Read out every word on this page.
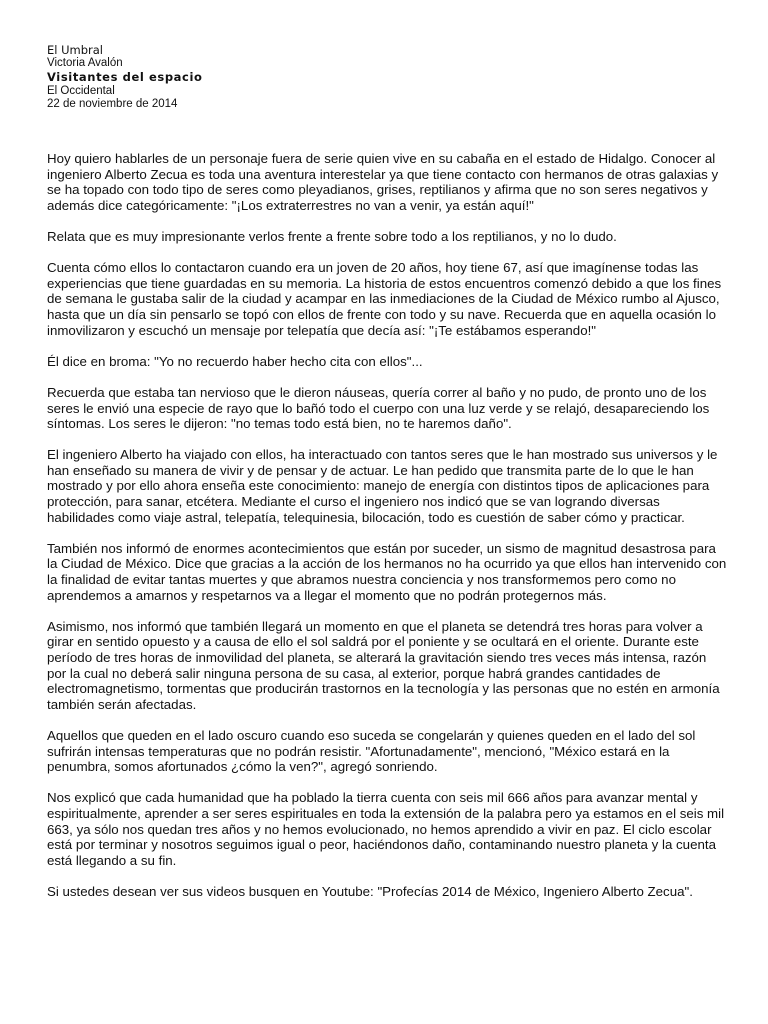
El Umbral
Victoria Avalón
Visitantes del espacio
El Occidental
22 de noviembre de 2014

Hoy quiero hablarles de un personaje fuera de serie quien vive en su cabaña en el estado de Hidalgo. Conocer al ingeniero Alberto Zecua es toda una aventura interestelar ya que tiene contacto con hermanos de otras galaxias y se ha topado con todo tipo de seres como pleyadianos, grises, reptilianos y afirma que no son seres negativos y además dice categóricamente: "¡Los extraterrestres no van a venir, ya están aquí!"

Relata que es muy impresionante verlos frente a frente sobre todo a los reptilianos, y no lo dudo.

Cuenta cómo ellos lo contactaron cuando era un joven de 20 años, hoy tiene 67, así que imagínense todas las experiencias que tiene guardadas en su memoria. La historia de estos encuentros comenzó debido a que los fines de semana le gustaba salir de la ciudad y acampar en las inmediaciones de la Ciudad de México rumbo al Ajusco, hasta que un día sin pensarlo se topó con ellos de frente con todo y su nave. Recuerda que en aquella ocasión lo inmovilizaron y escuchó un mensaje por telepatía que decía así: "¡Te estábamos esperando!"

Él dice en broma: "Yo no recuerdo haber hecho cita con ellos"...

Recuerda que estaba tan nervioso que le dieron náuseas, quería correr al baño y no pudo, de pronto uno de los seres le envió una especie de rayo que lo bañó todo el cuerpo con una luz verde y se relajó, desapareciendo los síntomas. Los seres le dijeron: "no temas todo está bien, no te haremos daño".

El ingeniero Alberto ha viajado con ellos, ha interactuado con tantos seres que le han mostrado sus universos y le han enseñado su manera de vivir y de pensar y de actuar. Le han pedido que transmita parte de lo que le han mostrado y por ello ahora enseña este conocimiento: manejo de energía con distintos tipos de aplicaciones para protección, para sanar, etcétera. Mediante el curso el ingeniero nos indicó que se van logrando diversas habilidades como viaje astral, telepatía, telequinesia, bilocación, todo es cuestión de saber cómo y practicar.

También nos informó de enormes acontecimientos que están por suceder, un sismo de magnitud desastrosa para la Ciudad de México. Dice que gracias a la acción de los hermanos no ha ocurrido ya que ellos han intervenido con la finalidad de evitar tantas muertes y que abramos nuestra conciencia y nos transformemos pero como no aprendemos a amarnos y respetarnos va a llegar el momento que no podrán protegernos más.

Asimismo, nos informó que también llegará un momento en que el planeta se detendrá tres horas para volver a girar en sentido opuesto y a causa de ello el sol saldrá por el poniente y se ocultará en el oriente. Durante este período de tres horas de inmovilidad del planeta, se alterará la gravitación siendo tres veces más intensa, razón por la cual no deberá salir ninguna persona de su casa, al exterior, porque habrá grandes cantidades de electromagnetismo, tormentas que producirán trastornos en la tecnología y las personas que no estén en armonía también serán afectadas.

Aquellos que queden en el lado oscuro cuando eso suceda se congelarán y quienes queden en el lado del sol sufrirán intensas temperaturas que no podrán resistir. "Afortunadamente", mencionó, "México estará en la penumbra, somos afortunados ¿cómo la ven?", agregó sonriendo.

Nos explicó que cada humanidad que ha poblado la tierra cuenta con seis mil 666 años para avanzar mental y espiritualmente, aprender a ser seres espirituales en toda la extensión de la palabra pero ya estamos en el seis mil 663, ya sólo nos quedan tres años y no hemos evolucionado, no hemos aprendido a vivir en paz. El ciclo escolar está por terminar y nosotros seguimos igual o peor, haciéndonos daño, contaminando nuestro planeta y la cuenta está llegando a su fin.

Si ustedes desean ver sus videos busquen en Youtube: "Profecías 2014 de México, Ingeniero Alberto Zecua".
